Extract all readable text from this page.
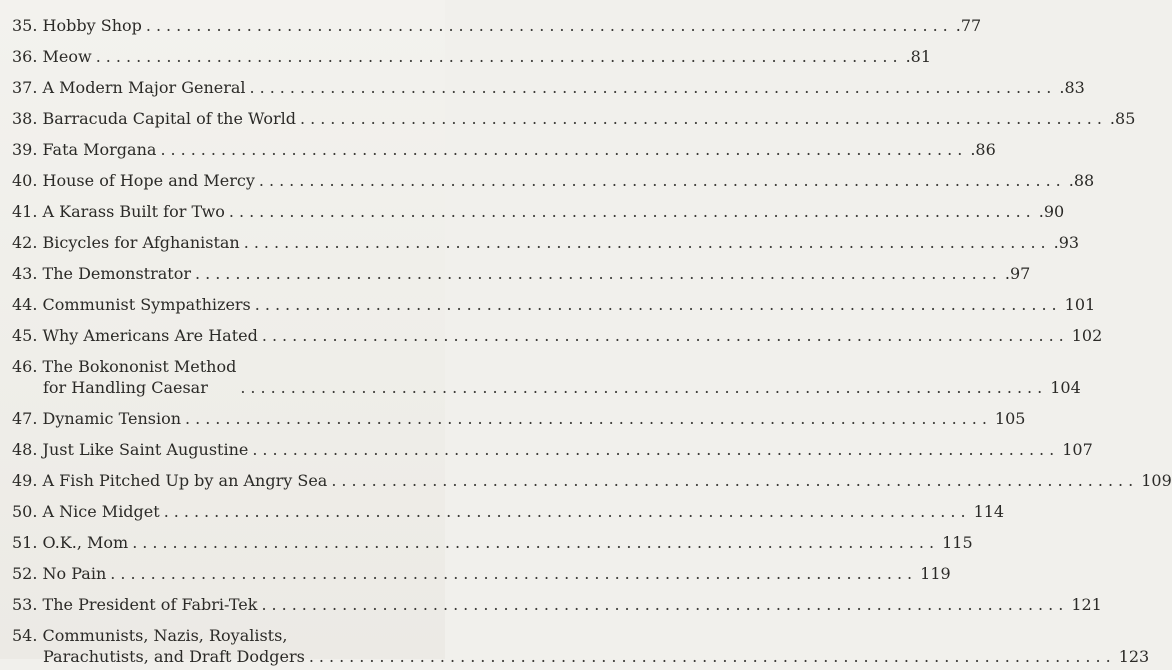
35. Hobby Shop ................................................................................ .77
36. Meow ................................................................................ .81
37. A Modern Major General ................................................................................ .83
38. Barracuda Capital of the World ................................................................................ .85
39. Fata Morgana ................................................................................ .86
40. House of Hope and Mercy ................................................................................ .88
41. A Karass Built for Two ................................................................................ .90
42. Bicycles for Afghanistan ................................................................................ .93
43. The Demonstrator ................................................................................ .97
44. Communist Sympathizers ................................................................................ 101
45. Why Americans Are Hated ................................................................................ 102
46. The Bokononist Method
for Handling Caesar	................................................................................ 104
47. Dynamic Tension ................................................................................ 105
48. Just Like Saint Augustine ................................................................................ 107
49. A Fish Pitched Up by an Angry Sea ................................................................................ 109
50. A Nice Midget ................................................................................ 114
51. O.K., Mom ................................................................................ 115
52. No Pain ................................................................................ 119
53. The President of Fabri-Tek ................................................................................ 121
54. Communists, Nazis, Royalists,
Parachutists, and Draft Dodgers ................................................................................ 123
